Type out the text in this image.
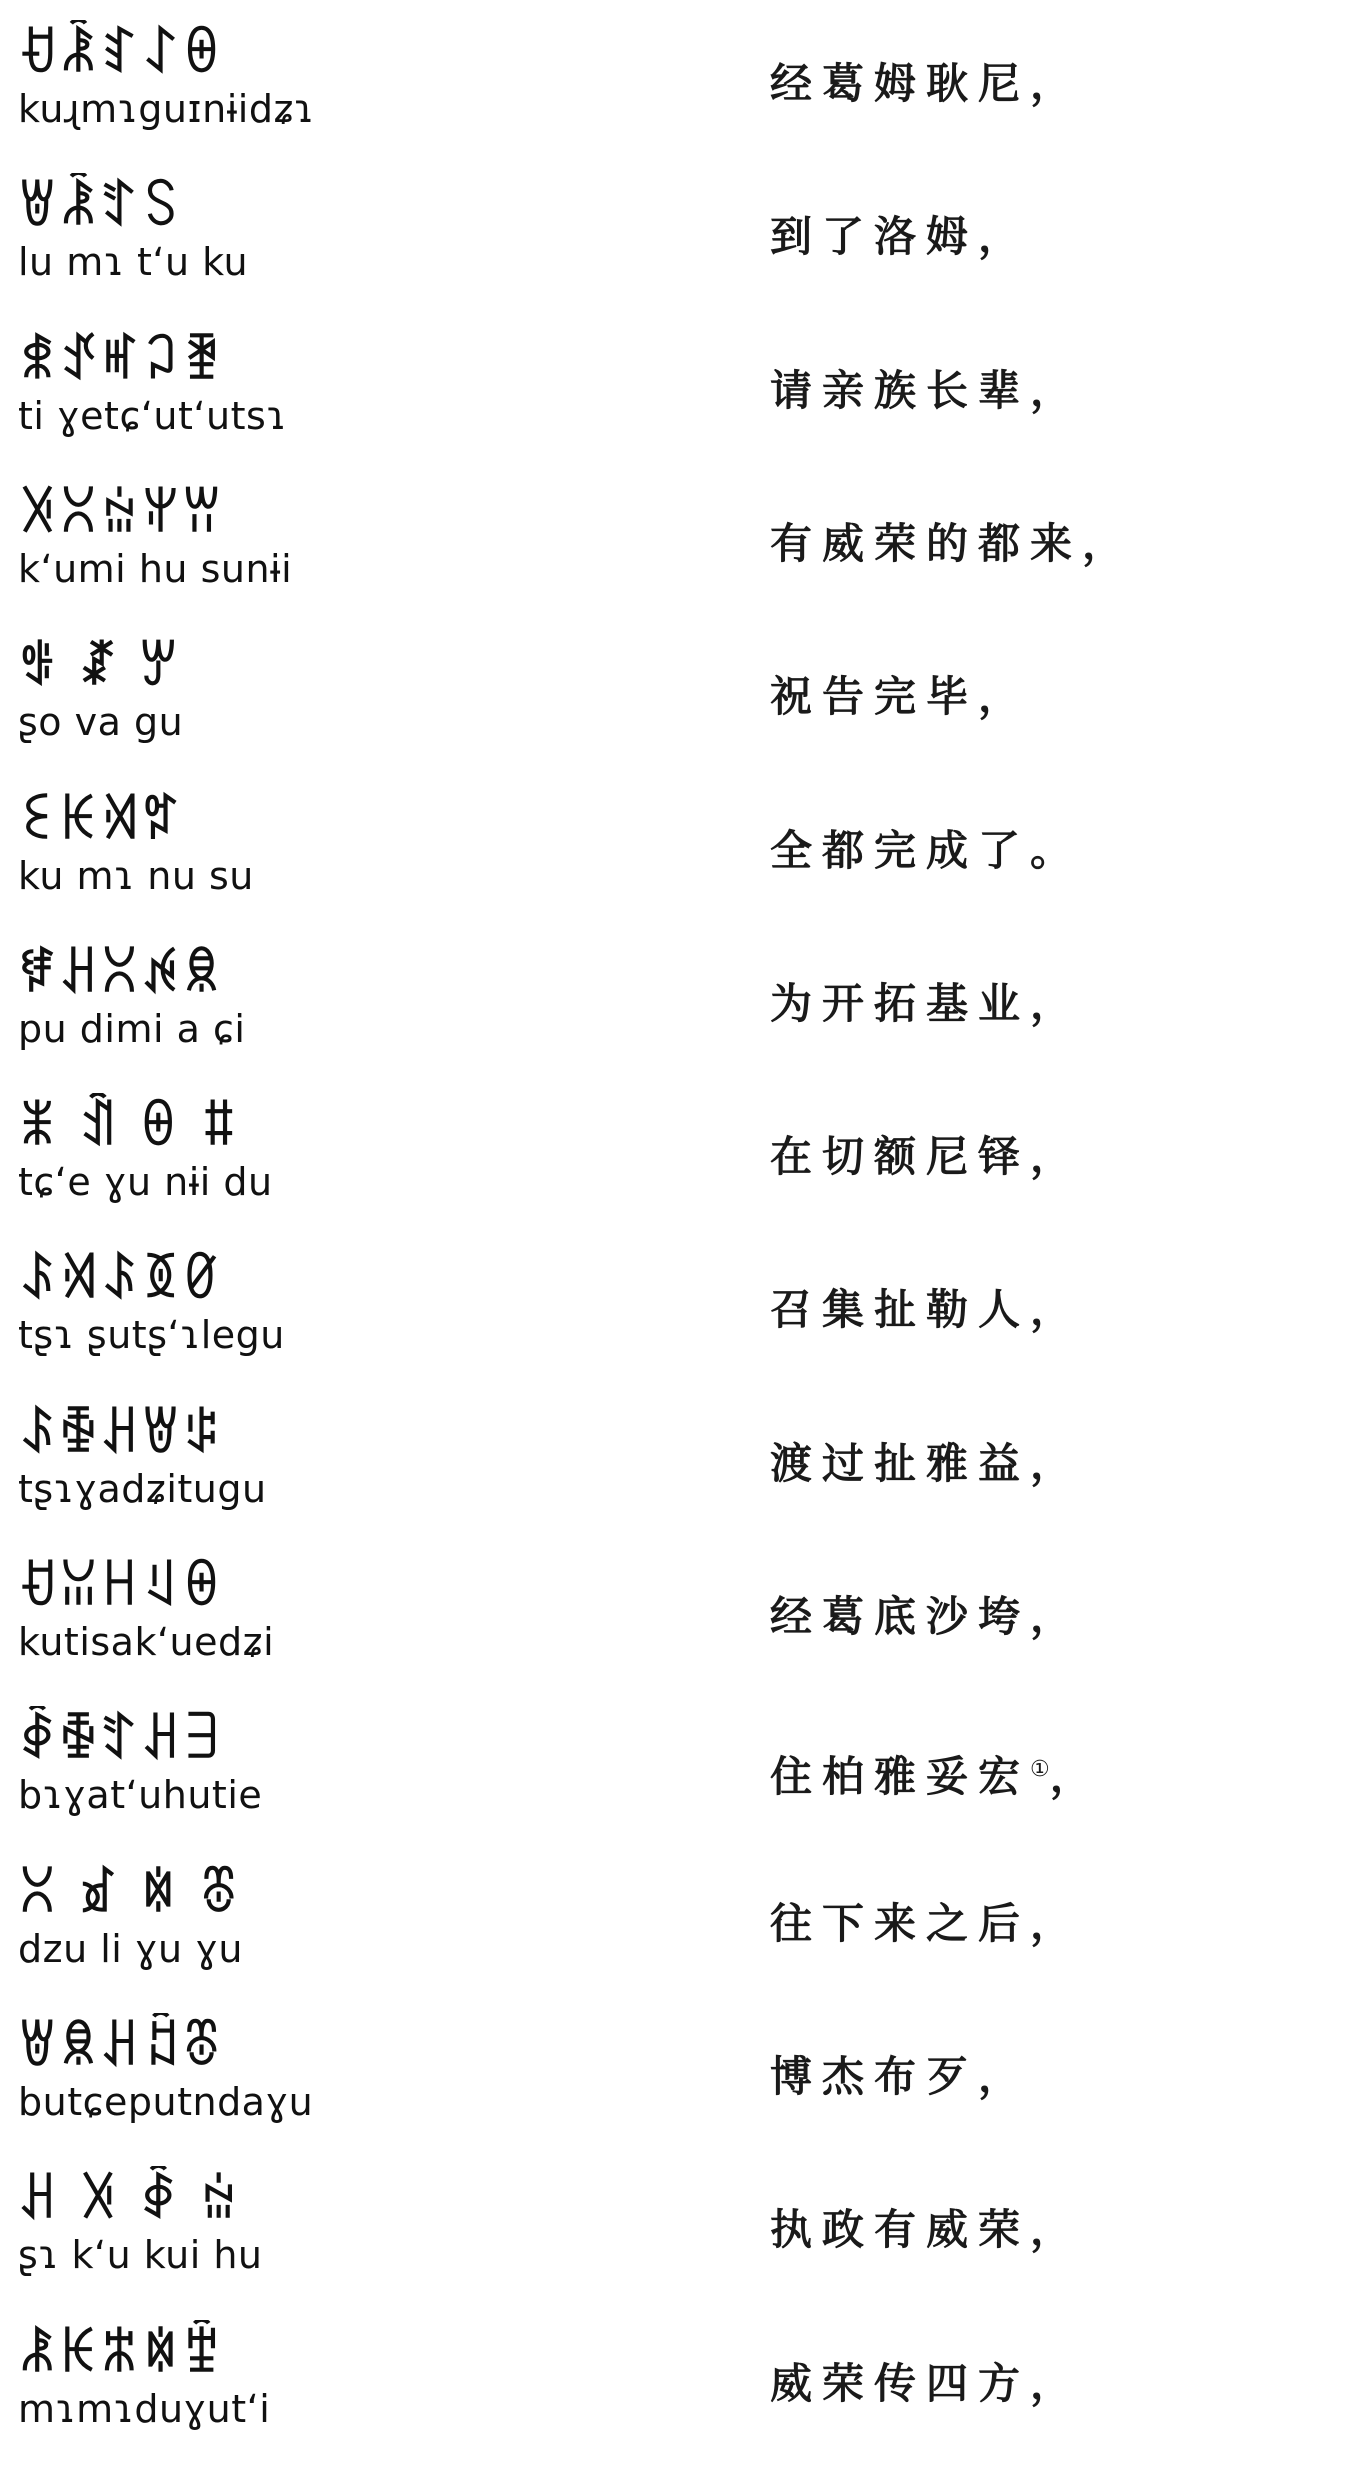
ꀀꂾꆏꋍꑙ
kuɻmɿguɪnɨidʑɿ
经葛姆耿尼，
ꇐꂾꄸꇙ
lu mɿ tʻu ku
到了洛姆，
ꍣꀋꎭꃀꄿ
ti ɣetɕʻutʻutsɿ
请亲族长辈，
ꋌꇤꅑꅍꀕ
kʻumi hu sunɨi
有威荣的都来，
ꍿ ꊨ ꏮ
ʂo va gu
祝告完毕，
ꏂꀘꄉꅗ
ku mɿ nu su
全都完成了。
ꇂꃅꇤꉌꌋ
pu dimi a ɕi
为开拓基业，
ꂓ ꀉ ꑙ ꐚ
tɕʻe ɣu nɨi du
在切额尼铎，
ꌺꄉꌺꅉꀜ
tʂɿ ʂutʂʻɿlegu
召集扯勒人，
ꌺꅀꃅꇐꌒ
tʂɿɣadʑitugu
渡过扯雅益，
ꀀꈍꀿꆹꑙ
kutisakʻuedʑi
经葛底沙垮，
ꇈꅀꄸꃅꎆ
bɿɣatʻuhutie	住柏雅妥宏①，
ꇤ ꀃ ꉈ ꁨ
dzu li ɣu ɣu
往下来之后，
ꇐꌋꃅꅒꁨ
butɕeputndaɣu
博杰布歹，
ꃅ ꋌ ꇈ ꅑ
ʂɿ kʻu kui hu
执政有威荣，
ꂿꀘꄼꉈꄺ
mɿmɿduɣutʻi
威荣传四方，
